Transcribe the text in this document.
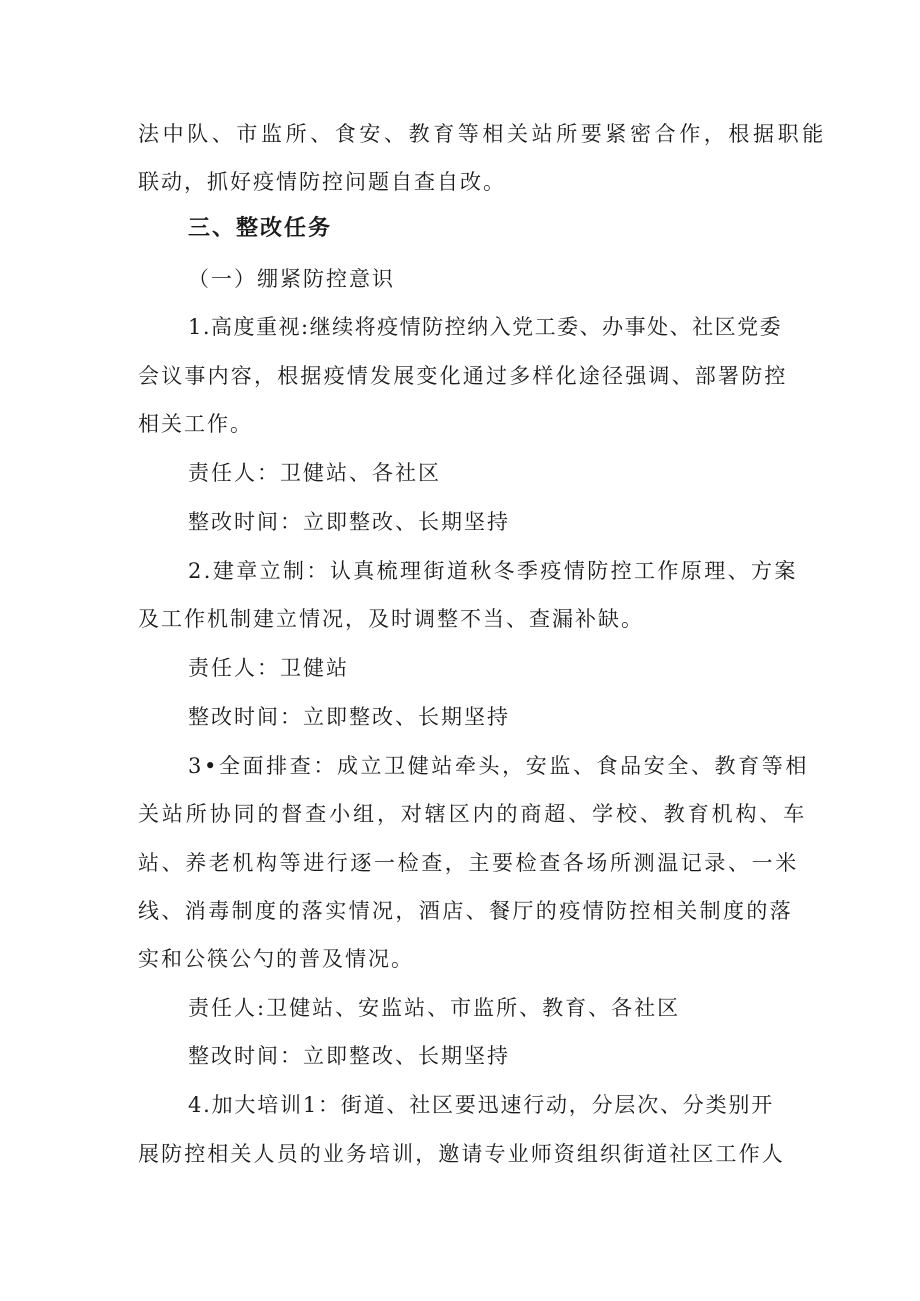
法中队、市监所、食安、教育等相关站所要紧密合作，根据职能
联动，抓好疫情防控问题自查自改。
三、整改任务
（一）绷紧防控意识
1.高度重视:继续将疫情防控纳入党工委、办事处、社区党委
会议事内容，根据疫情发展变化通过多样化途径强调、部署防控
相关工作。
责任人：卫健站、各社区
整改时间：立即整改、长期坚持
2.建章立制：认真梳理街道秋冬季疫情防控工作原理、方案
及工作机制建立情况，及时调整不当、查漏补缺。
责任人：卫健站
整改时间：立即整改、长期坚持
3•全面排查：成立卫健站牵头，安监、食品安全、教育等相
关站所协同的督查小组，对辖区内的商超、学校、教育机构、车
站、养老机构等进行逐一检查，主要检查各场所测温记录、一米
线、消毒制度的落实情况，酒店、餐厅的疫情防控相关制度的落
实和公筷公勺的普及情况。
责任人:卫健站、安监站、市监所、教育、各社区
整改时间：立即整改、长期坚持
4.加大培训1：街道、社区要迅速行动，分层次、分类别开
展防控相关人员的业务培训，邀请专业师资组织街道社区工作人
